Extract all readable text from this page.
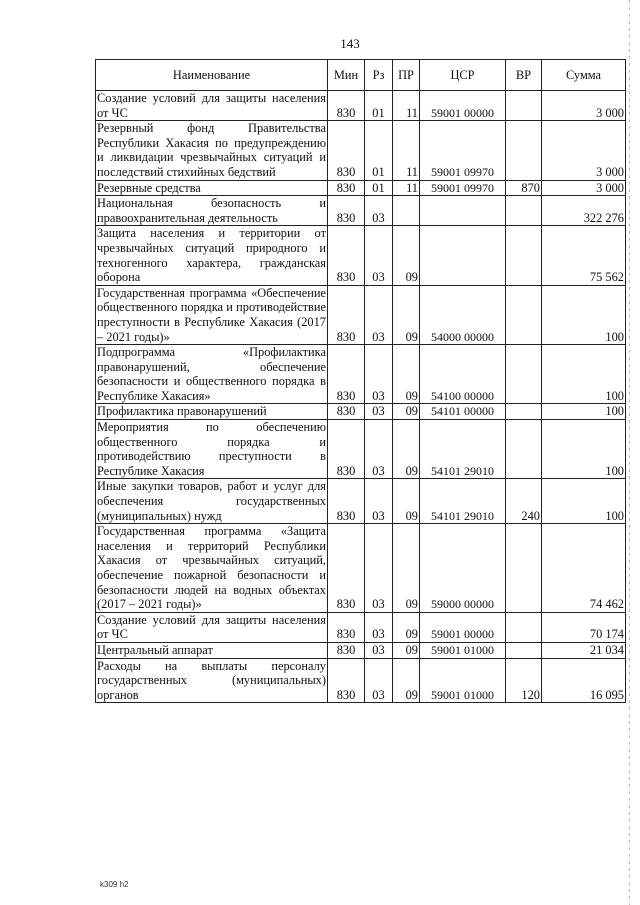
143
Наименование	Мин	Рз	ПР	ЦСР	ВР	Сумма
Создание условий для защиты населения от ЧС	830	01	11	59001 00000		3 000
Резервный фонд Правительства Республики Хакасия по предупреждению и ликвидации чрезвычайных ситуаций и последствий стихийных бедствий	830	01	11	59001 09970		3 000
Резервные средства	830	01	11	59001 09970	870	3 000
Национальная безопасность и правоохранительная деятельность	830	03				322 276
Защита населения и территории от чрезвычайных ситуаций природного и техногенного характера, гражданская оборона	830	03	09			75 562
Государственная программа «Обеспечение общественного порядка и противодействие преступности в Республике Хакасия (2017 – 2021 годы)»	830	03	09	54000 00000		100
Подпрограмма «Профилактика правонарушений, обеспечение безопасности и общественного порядка в Республике Хакасия»	830	03	09	54100 00000		100
Профилактика правонарушений	830	03	09	54101 00000		100
Мероприятия по обеспечению общественного порядка и противодействию преступности в Республике Хакасия	830	03	09	54101 29010		100
Иные закупки товаров, работ и услуг для обеспечения государственных (муниципальных) нужд	830	03	09	54101 29010	240	100
Государственная программа «Защита населения и территорий Республики Хакасия от чрезвычайных ситуаций, обеспечение пожарной безопасности и безопасности людей на водных объектах (2017 – 2021 годы)»	830	03	09	59000 00000		74 462
Создание условий для защиты населения от ЧС	830	03	09	59001 00000		70 174
Центральный аппарат	830	03	09	59001 01000		21 034
Расходы на выплаты персоналу государственных (муниципальных) органов	830	03	09	59001 01000	120	16 095
k309 h2
